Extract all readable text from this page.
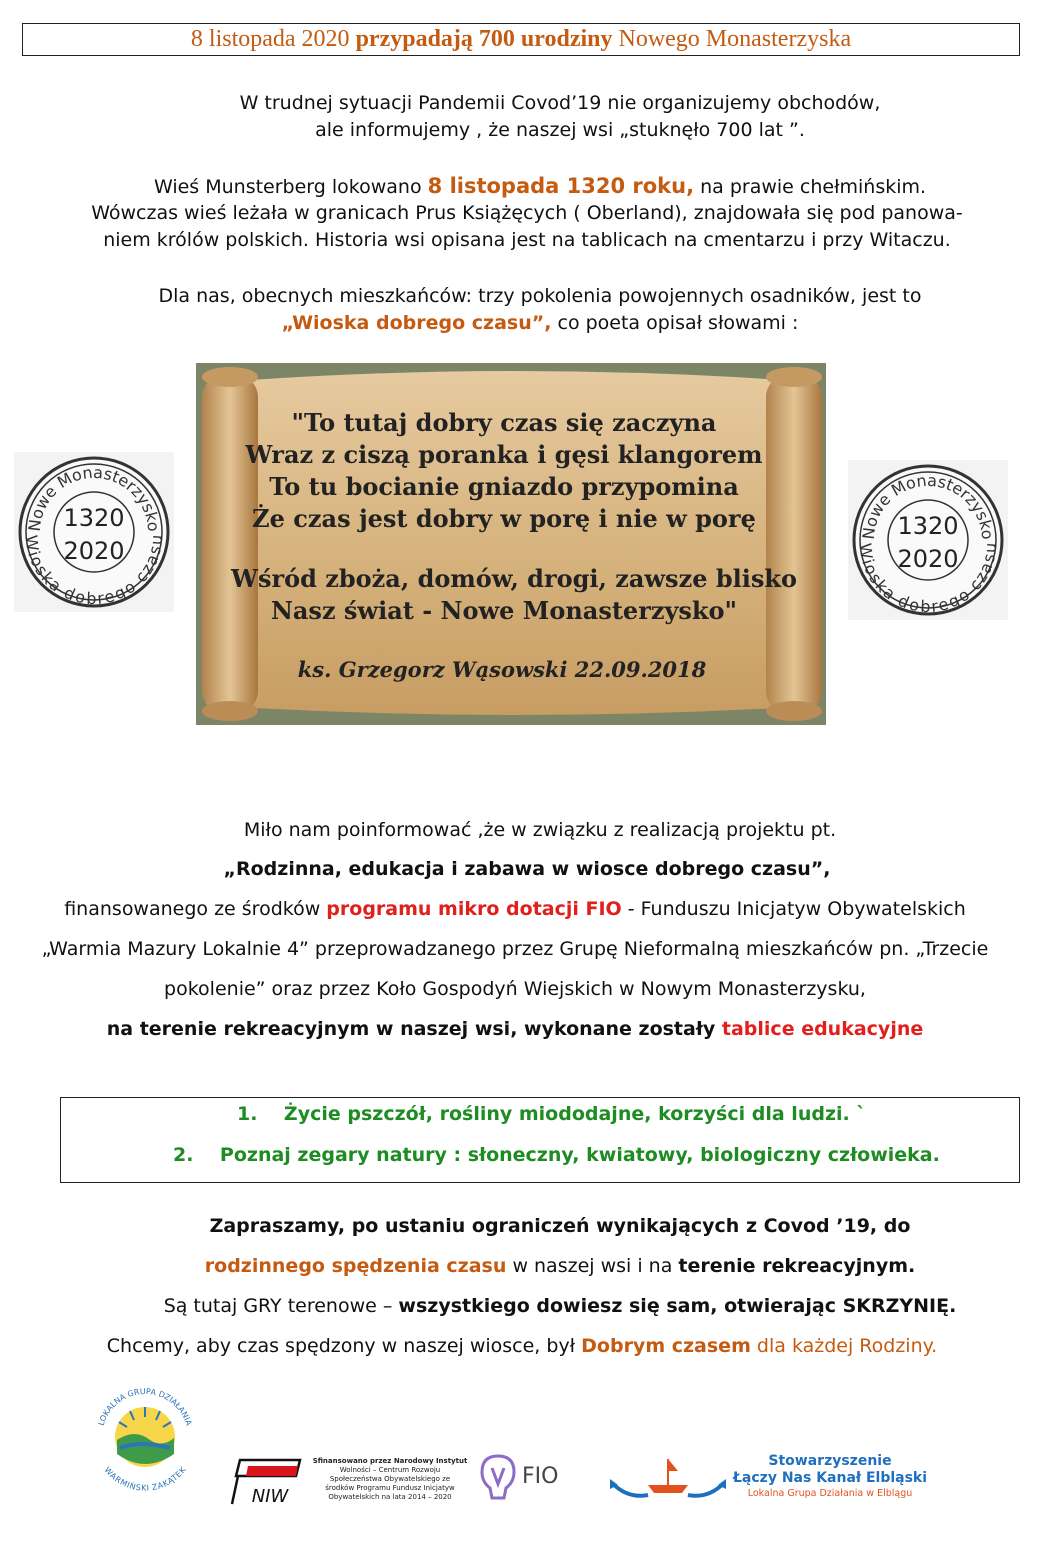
8 listopada 2020 przypadają 700 urodziny Nowego Monasterzyska
W trudnej sytuacji Pandemii Covod’19 nie organizujemy obchodów,
ale informujemy , że naszej wsi „stuknęło 700 lat ”.
Wieś Munsterberg lokowano 8 listopada 1320 roku, na prawie chełmińskim.
Wówczas wieś leżała w granicach Prus Książęcych ( Oberland), znajdowała się pod panowa-
niem królów polskich. Historia wsi opisana jest na tablicach na cmentarzu i przy Witaczu.
Dla nas, obecnych mieszkańców: trzy pokolenia powojennych osadników, jest to
„Wioska dobrego czasu”, co poeta opisał słowami :
Nowe Monasterzysko
Wioska dobrego czasu
1320
2020
"To tutaj dobry czas się zaczyna
Wraz z ciszą poranka i gęsi klangorem
To tu bocianie gniazdo przypomina
Że czas jest dobry w porę i nie w porę
Wśród zboża, domów, drogi, zawsze blisko
Nasz świat - Nowe Monasterzysko"
ks. Grzegorz Wąsowski 22.09.2018
Nowe Monasterzysko
Wioska dobrego czasu
1320
2020
Miło nam poinformować ,że w związku z realizacją projektu pt.
„Rodzinna, edukacja i zabawa w wiosce dobrego czasu”,
finansowanego ze środków programu mikro dotacji FIO - Funduszu Inicjatyw Obywatelskich
„Warmia Mazury Lokalnie 4” przeprowadzanego przez Grupę Nieformalną mieszkańców pn. „Trzecie
pokolenie” oraz przez Koło Gospodyń Wiejskich w Nowym Monasterzysku,
na terenie rekreacyjnym w naszej wsi, wykonane zostały tablice edukacyjne
1. Życie pszczół, rośliny miododajne, korzyści dla ludzi. `
2. Poznaj zegary natury : słoneczny, kwiatowy, biologiczny człowieka.
Zapraszamy, po ustaniu ograniczeń wynikających z Covod ’19, do
rodzinnego spędzenia czasu w naszej wsi i na terenie rekreacyjnym.
Są tutaj GRY terenowe – wszystkiego dowiesz się sam, otwierając SKRZYNIĘ.
Chcemy, aby czas spędzony w naszej wiosce, był Dobrym czasem dla każdej Rodziny.
LOKALNA GRUPA DZIAŁANIA
WARMIŃSKI ZAKĄTEK
NIW
Sfinansowano przez Narodowy Instytut
Wolności – Centrum Rozwoju
Społeczeństwa Obywatelskiego ze
środków Programu Fundusz Inicjatyw
Obywatelskich na lata 2014 – 2020
FIO
Stowarzyszenie
Łączy Nas Kanał Elbląski
Lokalna Grupa Działania w Elblągu
